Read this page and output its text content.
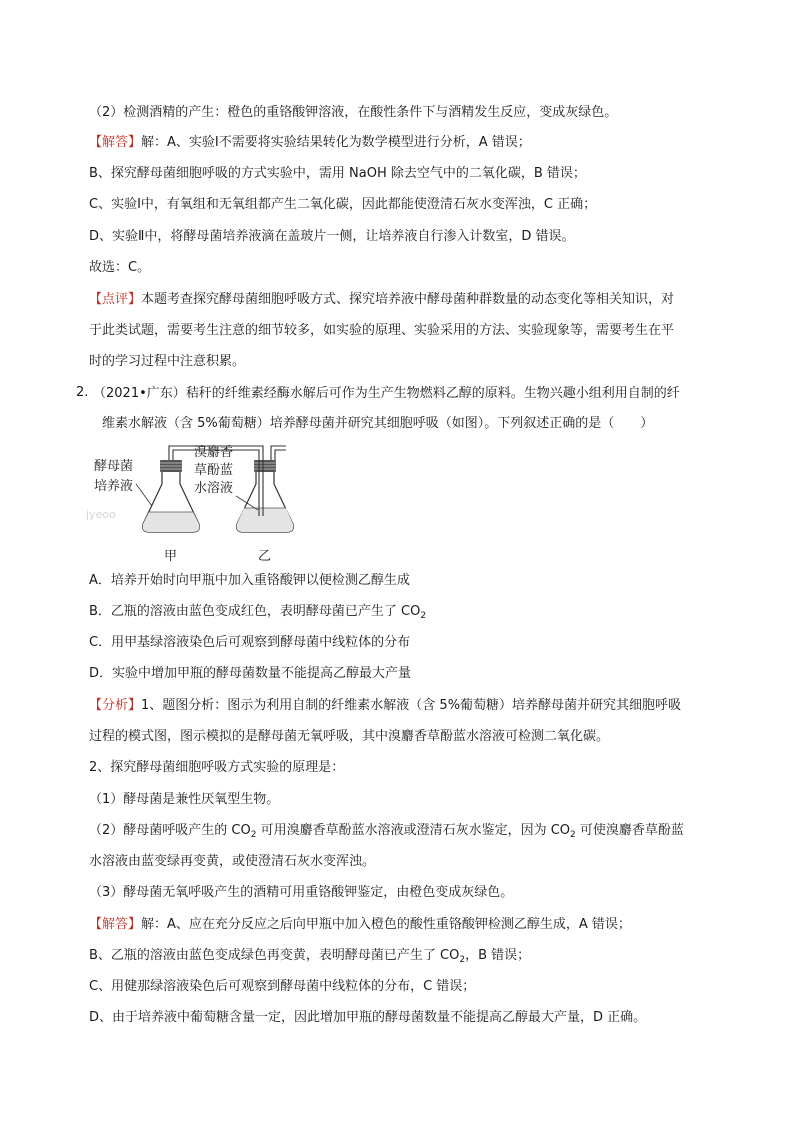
（2）检测酒精的产生：橙色的重铬酸钾溶液，在酸性条件下与酒精发生反应，变成灰绿色。
【解答】解：A、实验Ⅰ不需要将实验结果转化为数学模型进行分析，A 错误；
B、探究酵母菌细胞呼吸的方式实验中，需用 NaOH 除去空气中的二氧化碳，B 错误；
C、实验Ⅰ中，有氧组和无氧组都产生二氧化碳，因此都能使澄清石灰水变浑浊，C 正确；
D、实验Ⅱ中，将酵母菌培养液滴在盖玻片一侧，让培养液自行渗入计数室，D 错误。
故选：C。
【点评】本题考查探究酵母菌细胞呼吸方式、探究培养液中酵母菌种群数量的动态变化等相关知识，对
于此类试题，需要考生注意的细节较多，如实验的原理、实验采用的方法、实验现象等，需要考生在平
时的学习过程中注意积累。
2. （2021•广东）秸秆的纤维素经酶水解后可作为生产生物燃料乙醇的原料。生物兴趣小组利用自制的纤
维素水解液（含 5%葡萄糖）培养酵母菌并研究其细胞呼吸（如图）。下列叙述正确的是（　　）
酵母菌
培养液
溴麝香
草酚蓝
水溶液
jyeoo
甲	乙
A．培养开始时向甲瓶中加入重铬酸钾以便检测乙醇生成
B．乙瓶的溶液由蓝色变成红色，表明酵母菌已产生了 $CO_2$
C．用甲基绿溶液染色后可观察到酵母菌中线粒体的分布
D．实验中增加甲瓶的酵母菌数量不能提高乙醇最大产量
【分析】1、题图分析：图示为利用自制的纤维素水解液（含 5%葡萄糖）培养酵母菌并研究其细胞呼吸
过程的模式图，图示模拟的是酵母菌无氧呼吸，其中溴麝香草酚蓝水溶液可检测二氧化碳。
2、探究酵母菌细胞呼吸方式实验的原理是：
（1）酵母菌是兼性厌氧型生物。
（2）酵母菌呼吸产生的 $CO_2$ 可用溴麝香草酚蓝水溶液或澄清石灰水鉴定，因为 $CO_2$ 可使溴麝香草酚蓝
水溶液由蓝变绿再变黄，或使澄清石灰水变浑浊。
（3）酵母菌无氧呼吸产生的酒精可用重铬酸钾鉴定，由橙色变成灰绿色。
【解答】解：A、应在充分反应之后向甲瓶中加入橙色的酸性重铬酸钾检测乙醇生成，A 错误；
B、乙瓶的溶液由蓝色变成绿色再变黄，表明酵母菌已产生了 $CO_2$，B 错误；
C、用健那绿溶液染色后可观察到酵母菌中线粒体的分布，C 错误；
D、由于培养液中葡萄糖含量一定，因此增加甲瓶的酵母菌数量不能提高乙醇最大产量，D 正确。
